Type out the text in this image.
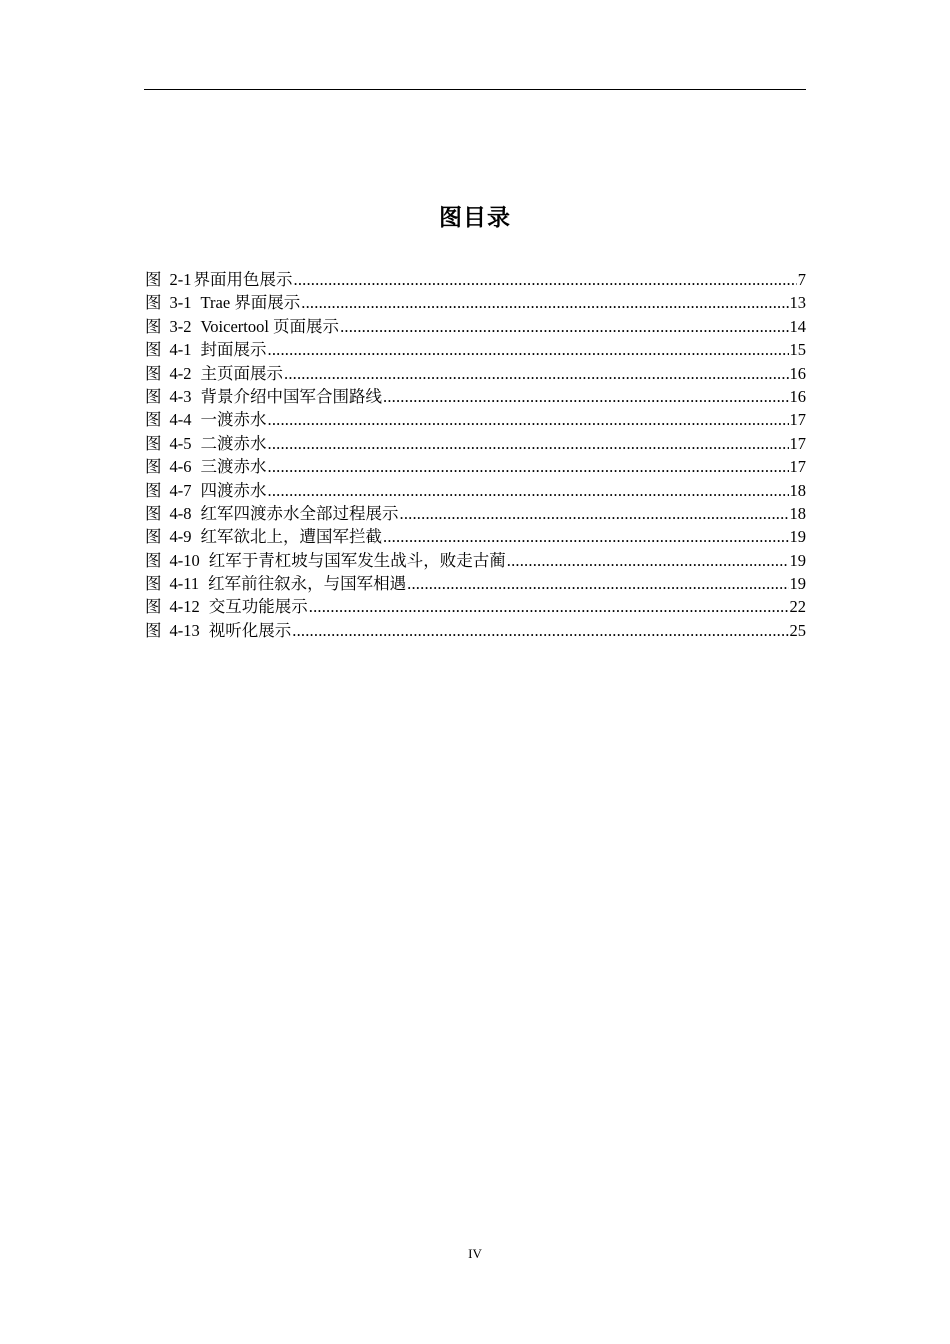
图目录
图 2-1 界面用色展示 .....	7
图 3-1 Trae 界面展示 .....	13
图 3-2 Voicertool 页面展示 .....	14
图 4-1 封面展示 .....	15
图 4-2 主页面展示 .....	16
图 4-3 背景介绍中国军合围路线 .....	16
图 4-4 一渡赤水 .....	17
图 4-5 二渡赤水 .....	17
图 4-6 三渡赤水 .....	17
图 4-7 四渡赤水 .....	18
图 4-8 红军四渡赤水全部过程展示 .....	18
图 4-9 红军欲北上，遭国军拦截 .....	19
图 4-10 红军于青杠坡与国军发生战斗，败走古蔺 .....	19
图 4-11 红军前往叙永，与国军相遇 .....	19
图 4-12 交互功能展示 .....	22
图 4-13 视听化展示 .....	25
IV
